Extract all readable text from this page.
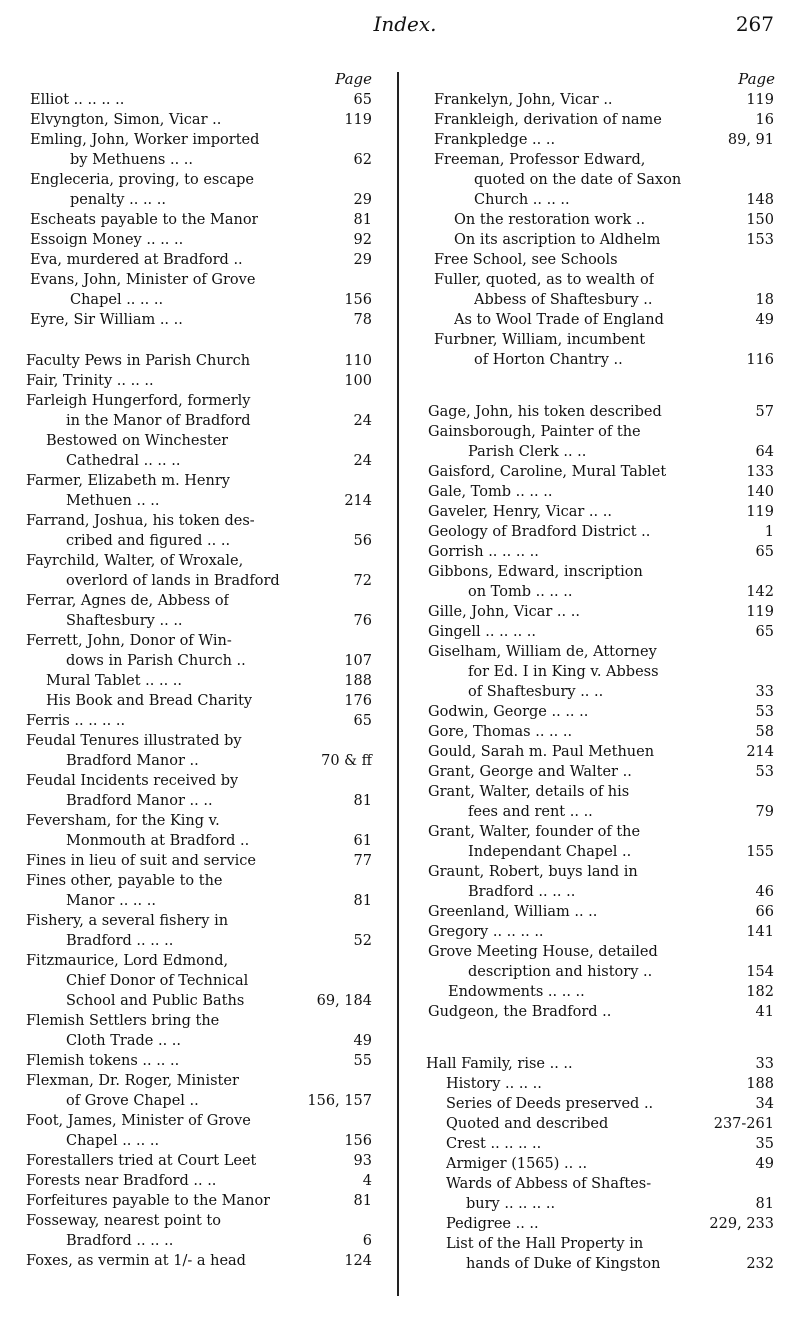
Index.	267
Page	Page
Elliot .. .. .. ..	65
Elvyngton, Simon, Vicar ..	119
Emling, John, Worker imported
by Methuens .. ..	62
Engleceria, proving, to escape
penalty .. .. ..	29
Escheats payable to the Manor	81
Essoign Money .. .. ..	92
Eva, murdered at Bradford ..	29
Evans, John, Minister of Grove
Chapel .. .. ..	156
Eyre, Sir William .. ..	78
Faculty Pews in Parish Church	110
Fair, Trinity .. .. ..	100
Farleigh Hungerford, formerly
in the Manor of Bradford	24
Bestowed on Winchester
Cathedral .. .. ..	24
Farmer, Elizabeth m. Henry
Methuen .. ..	214
Farrand, Joshua, his token des-
cribed and figured .. ..	56
Fayrchild, Walter, of Wroxale,
overlord of lands in Bradford	72
Ferrar, Agnes de, Abbess of
Shaftesbury .. ..	76
Ferrett, John, Donor of Win-
dows in Parish Church ..	107
Mural Tablet .. .. ..	188
His Book and Bread Charity	176
Ferris .. .. .. ..	65
Feudal Tenures illustrated by
Bradford Manor ..	70 & ff
Feudal Incidents received by
Bradford Manor .. ..	81
Feversham, for the King v.
Monmouth at Bradford ..	61
Fines in lieu of suit and service	77
Fines other, payable to the
Manor .. .. ..	81
Fishery, a several fishery in
Bradford .. .. ..	52
Fitzmaurice, Lord Edmond,
Chief Donor of Technical
School and Public Baths	69, 184
Flemish Settlers bring the
Cloth Trade .. ..	49
Flemish tokens .. .. ..	55
Flexman, Dr. Roger, Minister
of Grove Chapel ..	156, 157
Foot, James, Minister of Grove
Chapel .. .. ..	156
Forestallers tried at Court Leet	93
Forests near Bradford .. ..	4
Forfeitures payable to the Manor	81
Fosseway, nearest point to
Bradford .. .. ..	6
Foxes, as vermin at 1/- a head	124
Frankelyn, John, Vicar ..	119
Frankleigh, derivation of name	16
Frankpledge .. ..	89, 91
Freeman, Professor Edward,
quoted on the date of Saxon
Church .. .. ..	148
On the restoration work ..	150
On its ascription to Aldhelm	153
Free School, see Schools
Fuller, quoted, as to wealth of
Abbess of Shaftesbury ..	18
As to Wool Trade of England	49
Furbner, William, incumbent
of Horton Chantry ..	116
Gage, John, his token described	57
Gainsborough, Painter of the
Parish Clerk .. ..	64
Gaisford, Caroline, Mural Tablet	133
Gale, Tomb .. .. ..	140
Gaveler, Henry, Vicar .. ..	119
Geology of Bradford District ..	1
Gorrish .. .. .. ..	65
Gibbons, Edward, inscription
on Tomb .. .. ..	142
Gille, John, Vicar .. ..	119
Gingell .. .. .. ..	65
Giselham, William de, Attorney
for Ed. I in King v. Abbess
of Shaftesbury .. ..	33
Godwin, George .. .. ..	53
Gore, Thomas .. .. ..	58
Gould, Sarah m. Paul Methuen	214
Grant, George and Walter ..	53
Grant, Walter, details of his
fees and rent .. ..	79
Grant, Walter, founder of the
Independant Chapel ..	155
Graunt, Robert, buys land in
Bradford .. .. ..	46
Greenland, William .. ..	66
Gregory .. .. .. ..	141
Grove Meeting House, detailed
description and history ..	154
Endowments .. .. ..	182
Gudgeon, the Bradford ..	41
Hall Family, rise .. ..	33
History .. .. ..	188
Series of Deeds preserved ..	34
Quoted and described	237-261
Crest .. .. .. ..	35
Armiger (1565) .. ..	49
Wards of Abbess of Shaftes-
bury .. .. .. ..	81
Pedigree .. ..	229, 233
List of the Hall Property in
hands of Duke of Kingston	232
